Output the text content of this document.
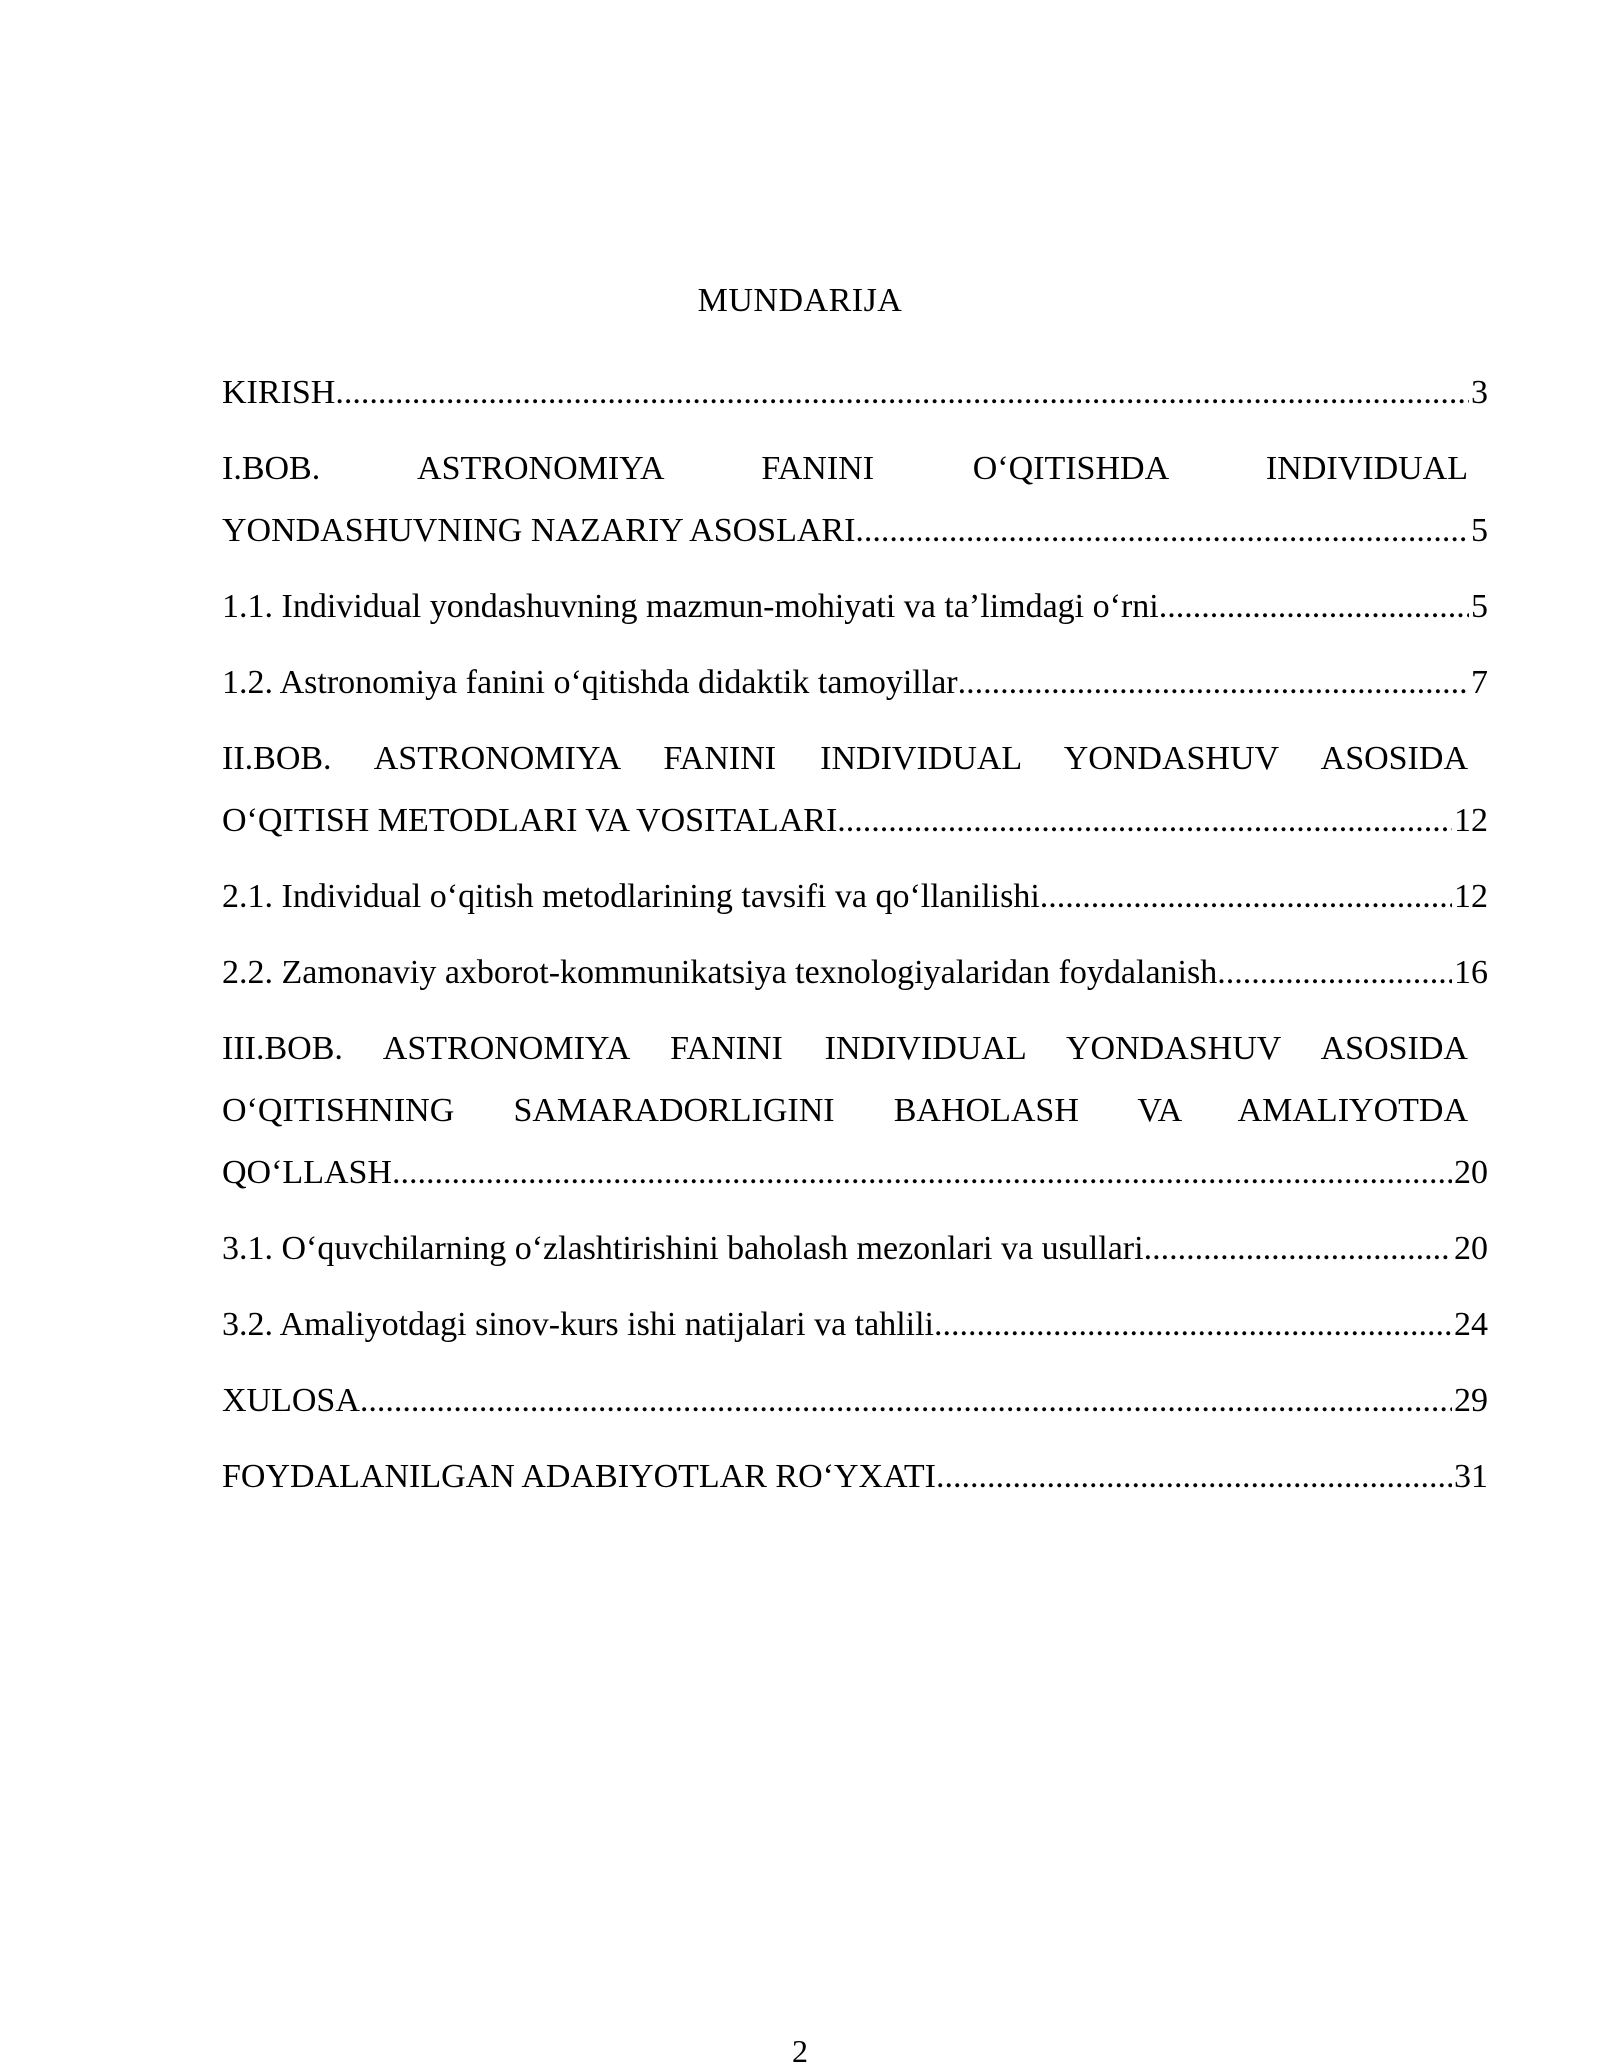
MUNDARIJA
KIRISH .....	3
I.BOB. ASTRONOMIYA FANINI O‘QITISHDA INDIVIDUAL
YONDASHUVNING NAZARIY ASOSLARI .....	5
1.1. Individual yondashuvning mazmun-mohiyati va ta’limdagi o‘rni .....	5
1.2. Astronomiya fanini o‘qitishda didaktik tamoyillar .....	7
II.BOB. ASTRONOMIYA FANINI INDIVIDUAL YONDASHUV ASOSIDA
O‘QITISH METODLARI VA VOSITALARI .....	12
2.1. Individual o‘qitish metodlarining tavsifi va qo‘llanilishi .....	12
2.2. Zamonaviy axborot-kommunikatsiya texnologiyalaridan foydalanish .....	16
III.BOB. ASTRONOMIYA FANINI INDIVIDUAL YONDASHUV ASOSIDA
O‘QITISHNING SAMARADORLIGINI BAHOLASH VA AMALIYOTDA
QO‘LLASH .....	20
3.1. O‘quvchilarning o‘zlashtirishini baholash mezonlari va usullari .....	20
3.2. Amaliyotdagi sinov-kurs ishi natijalari va tahlili .....	24
XULOSA .....	29
FOYDALANILGAN ADABIYOTLAR RO‘YXATI .....	31
2
